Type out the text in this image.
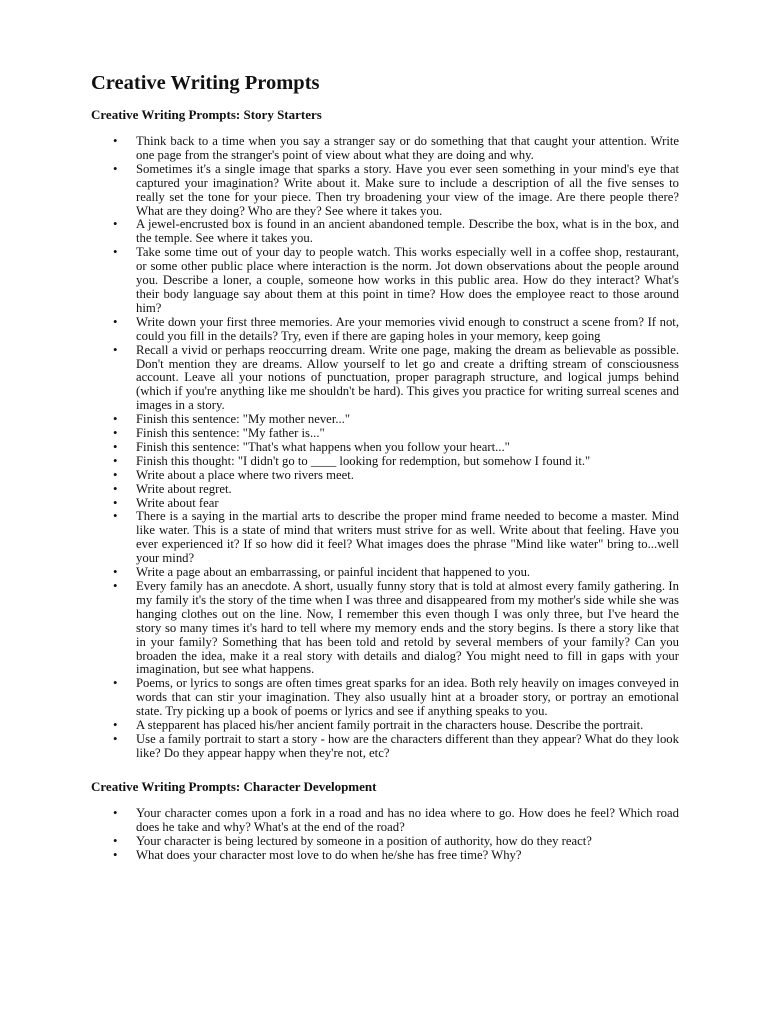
Creative Writing Prompts
Creative Writing Prompts: Story Starters
• Think back to a time when you say a stranger say or do something that that caught your attention. Write one page from the stranger's point of view about what they are doing and why.
• Sometimes it's a single image that sparks a story. Have you ever seen something in your mind's eye that captured your imagination? Write about it. Make sure to include a description of all the five senses to really set the tone for your piece. Then try broadening your view of the image. Are there people there? What are they doing? Who are they? See where it takes you.
• A jewel-encrusted box is found in an ancient abandoned temple. Describe the box, what is in the box, and the temple. See where it takes you.
• Take some time out of your day to people watch. This works especially well in a coffee shop, restaurant, or some other public place where interaction is the norm. Jot down observations about the people around you. Describe a loner, a couple, someone how works in this public area. How do they interact? What's their body language say about them at this point in time? How does the employee react to those around him?
• Write down your first three memories. Are your memories vivid enough to construct a scene from? If not, could you fill in the details? Try, even if there are gaping holes in your memory, keep going
• Recall a vivid or perhaps reoccurring dream. Write one page, making the dream as believable as possible. Don't mention they are dreams. Allow yourself to let go and create a drifting stream of consciousness account. Leave all your notions of punctuation, proper paragraph structure, and logical jumps behind (which if you're anything like me shouldn't be hard). This gives you practice for writing surreal scenes and images in a story.
• Finish this sentence: "My mother never..."
• Finish this sentence: "My father is..."
• Finish this sentence: "That's what happens when you follow your heart..."
• Finish this thought: "I didn't go to ____ looking for redemption, but somehow I found it."
• Write about a place where two rivers meet.
• Write about regret.
• Write about fear
• There is a saying in the martial arts to describe the proper mind frame needed to become a master. Mind like water. This is a state of mind that writers must strive for as well. Write about that feeling. Have you ever experienced it? If so how did it feel? What images does the phrase "Mind like water" bring to...well your mind?
• Write a page about an embarrassing, or painful incident that happened to you.
• Every family has an anecdote. A short, usually funny story that is told at almost every family gathering. In my family it's the story of the time when I was three and disappeared from my mother's side while she was hanging clothes out on the line. Now, I remember this even though I was only three, but I've heard the story so many times it's hard to tell where my memory ends and the story begins. Is there a story like that in your family? Something that has been told and retold by several members of your family? Can you broaden the idea, make it a real story with details and dialog? You might need to fill in gaps with your imagination, but see what happens.
• Poems, or lyrics to songs are often times great sparks for an idea. Both rely heavily on images conveyed in words that can stir your imagination. They also usually hint at a broader story, or portray an emotional state. Try picking up a book of poems or lyrics and see if anything speaks to you.
• A stepparent has placed his/her ancient family portrait in the characters house. Describe the portrait.
• Use a family portrait to start a story - how are the characters different than they appear? What do they look like? Do they appear happy when they're not, etc?
Creative Writing Prompts: Character Development
• Your character comes upon a fork in a road and has no idea where to go. How does he feel? Which road does he take and why? What's at the end of the road?
• Your character is being lectured by someone in a position of authority, how do they react?
• What does your character most love to do when he/she has free time? Why?
